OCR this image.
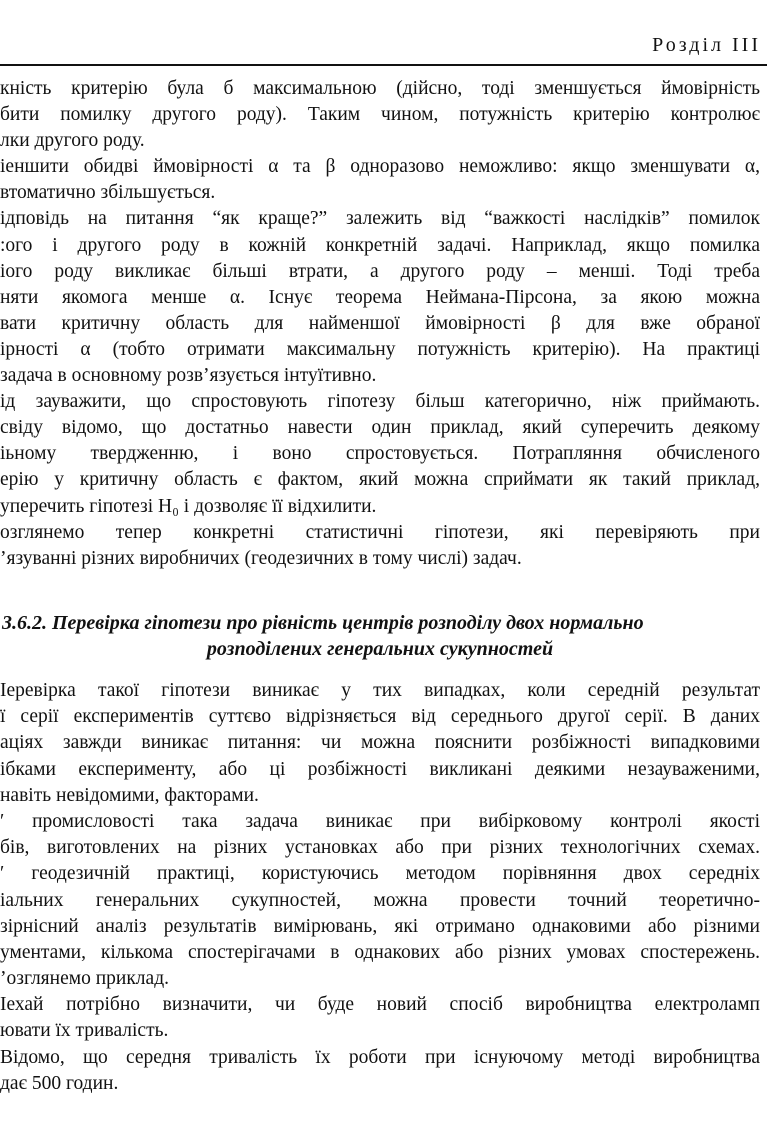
Розділ III
кність критерію була б максимальною (дійсно, тоді зменшується ймовірність
бити помилку другого роду). Таким чином, потужність критерію контролює
лки другого роду.
іеншити обидві ймовірності α та β одноразово неможливо: якщо зменшувати α,
втоматично збільшується.
ідповідь на питання “як краще?” залежить від “важкості наслідків” помилок
:ого і другого роду в кожній конкретній задачі. Наприклад, якщо помилка
іого роду викликає більші втрати, а другого роду – менші. Тоді треба
няти якомога менше α. Існує теорема Неймана-Пірсона, за якою можна
вати критичну область для найменшої ймовірності β для вже обраної
ірності α (тобто отримати максимальну потужність критерію). На практиці
задача в основному розв’язується інтуїтивно.
ід зауважити, що спростовують гіпотезу більш категорично, ніж приймають.
свіду відомо, що достатньо навести один приклад, який суперечить деякому
іьному твердженню, і воно спростовується. Потрапляння обчисленого
ерію у критичну область є фактом, який можна сприймати як такий приклад,
уперечить гіпотезі H₀ і дозволяє її відхилити.
озглянемо тепер конкретні статистичні гіпотези, які перевіряють при
’язуванні різних виробничих (геодезичних в тому числі) задач.
3.6.2. Перевірка гіпотези про рівність центрів розподілу двох нормально
розподілених генеральних сукупностей
Іеревірка такої гіпотези виникає у тих випадках, коли середній результат
ї серії експериментів суттєво відрізняється від середнього другої серії. В даних
аціях завжди виникає питання: чи можна пояснити розбіжності випадковими
ібками експерименту, або ці розбіжності викликані деякими незауваженими,
навіть невідомими, факторами.
′ промисловості така задача виникає при вибірковому контролі якості
бів, виготовлених на різних установках або при різних технологічних схемах.
′ геодезичній практиці, користуючись методом порівняння двох середніх
іальних генеральних сукупностей, можна провести точний теоретично-
зірнісний аналіз результатів вимірювань, які отримано однаковими або різними
ументами, кількома спостерігачами в однакових або різних умовах спостережень.
’озглянемо приклад.
Іехай потрібно визначити, чи буде новий спосіб виробництва електроламп
ювати їх тривалість.
Відомо, що середня тривалість їх роботи при існуючому методі виробництва
дає 500 годин.
